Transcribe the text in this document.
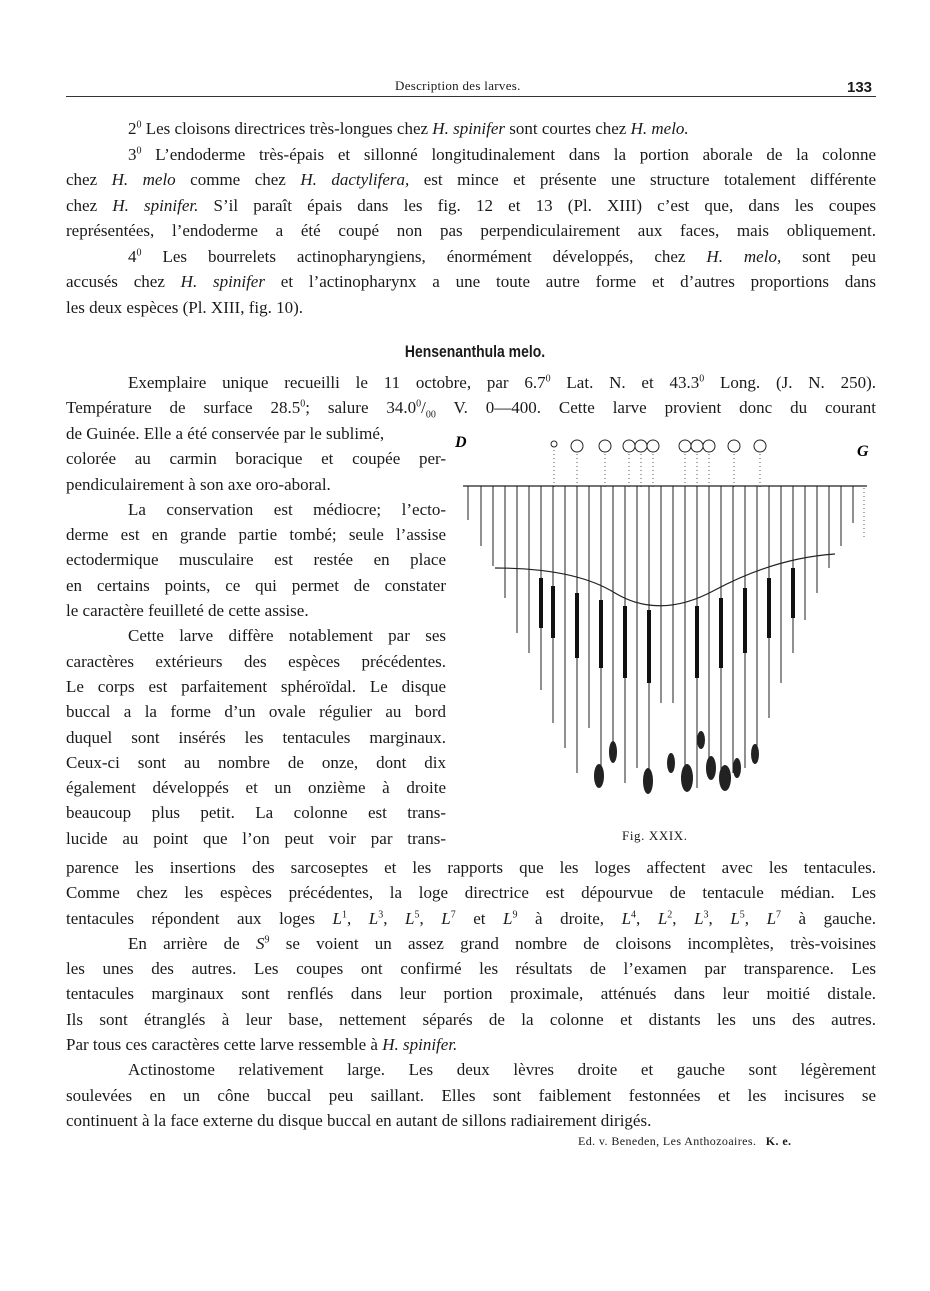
Description des larves.	133
$2^0$ Les cloisons directrices très-longues chez H. spinifer sont courtes chez H. melo.
$3^0$ L’endoderme très-épais et sillonné longitudinalement dans la portion aborale de la colonne
chez H. melo comme chez H. dactylifera, est mince et présente une structure totalement différente
chez H. spinifer. S’il paraît épais dans les fig. 12 et 13 (Pl. XIII) c’est que, dans les coupes
représentées, l’endoderme a été coupé non pas perpendiculairement aux faces, mais obliquement.
$4^0$ Les bourrelets actinopharyngiens, énormément développés, chez H. melo, sont peu
accusés chez H. spinifer et l’actinopharynx a une toute autre forme et d’autres proportions dans
les deux espèces (Pl. XIII, fig. 10).
Hensenanthula melo.
Exemplaire unique recueilli le 11 octobre, par $6.7^0$ Lat. N. et 43.3$^0$ Long. (J. N. 250).
Température de surface 28.5$^0$; salure $34.0^0/_{00}$ V. 0—400. Cette larve provient donc du courant
de Guinée. Elle a été conservée par le sublimé,
colorée au carmin boracique et coupée per-
pendiculairement à son axe oro-aboral.
La conservation est médiocre; l’ecto-
derme est en grande partie tombé; seule l’assise
ectodermique musculaire est restée en place
en certains points, ce qui permet de constater
le caractère feuilleté de cette assise.
Cette larve diffère notablement par ses
caractères extérieurs des espèces précédentes.
Le corps est parfaitement sphéroïdal. Le disque
buccal a la forme d’un ovale régulier au bord
duquel sont insérés les tentacules marginaux.
Ceux-ci sont au nombre de onze, dont dix
également développés et un onzième à droite
beaucoup plus petit. La colonne est trans-
lucide au point que l’on peut voir par trans-
D
G
Fig. XXIX.
parence les insertions des sarcoseptes et les rapports que les loges affectent avec les tentacules.
Comme chez les espèces précédentes, la loge directrice est dépourvue de tentacule médian. Les
tentacules répondent aux loges $L^1$, $L^3$, $L^5$, $L^7$ et $L^9$ à droite, $L^4$, $L^2$, $L^3$, $L^5$, $L^7$ à gauche.
En arrière de $S^9$ se voient un assez grand nombre de cloisons incomplètes, très-voisines
les unes des autres. Les coupes ont confirmé les résultats de l’examen par transparence. Les
tentacules marginaux sont renflés dans leur portion proximale, atténués dans leur moitié distale.
Ils sont étranglés à leur base, nettement séparés de la colonne et distants les uns des autres.
Par tous ces caractères cette larve ressemble à H. spinifer.
Actinostome relativement large. Les deux lèvres droite et gauche sont légèrement
soulevées en un cône buccal peu saillant. Elles sont faiblement festonnées et les incisures se
continuent à la face externe du disque buccal en autant de sillons radiairement dirigés.
Ed. v. Beneden, Les Anthozoaires. K. e.
